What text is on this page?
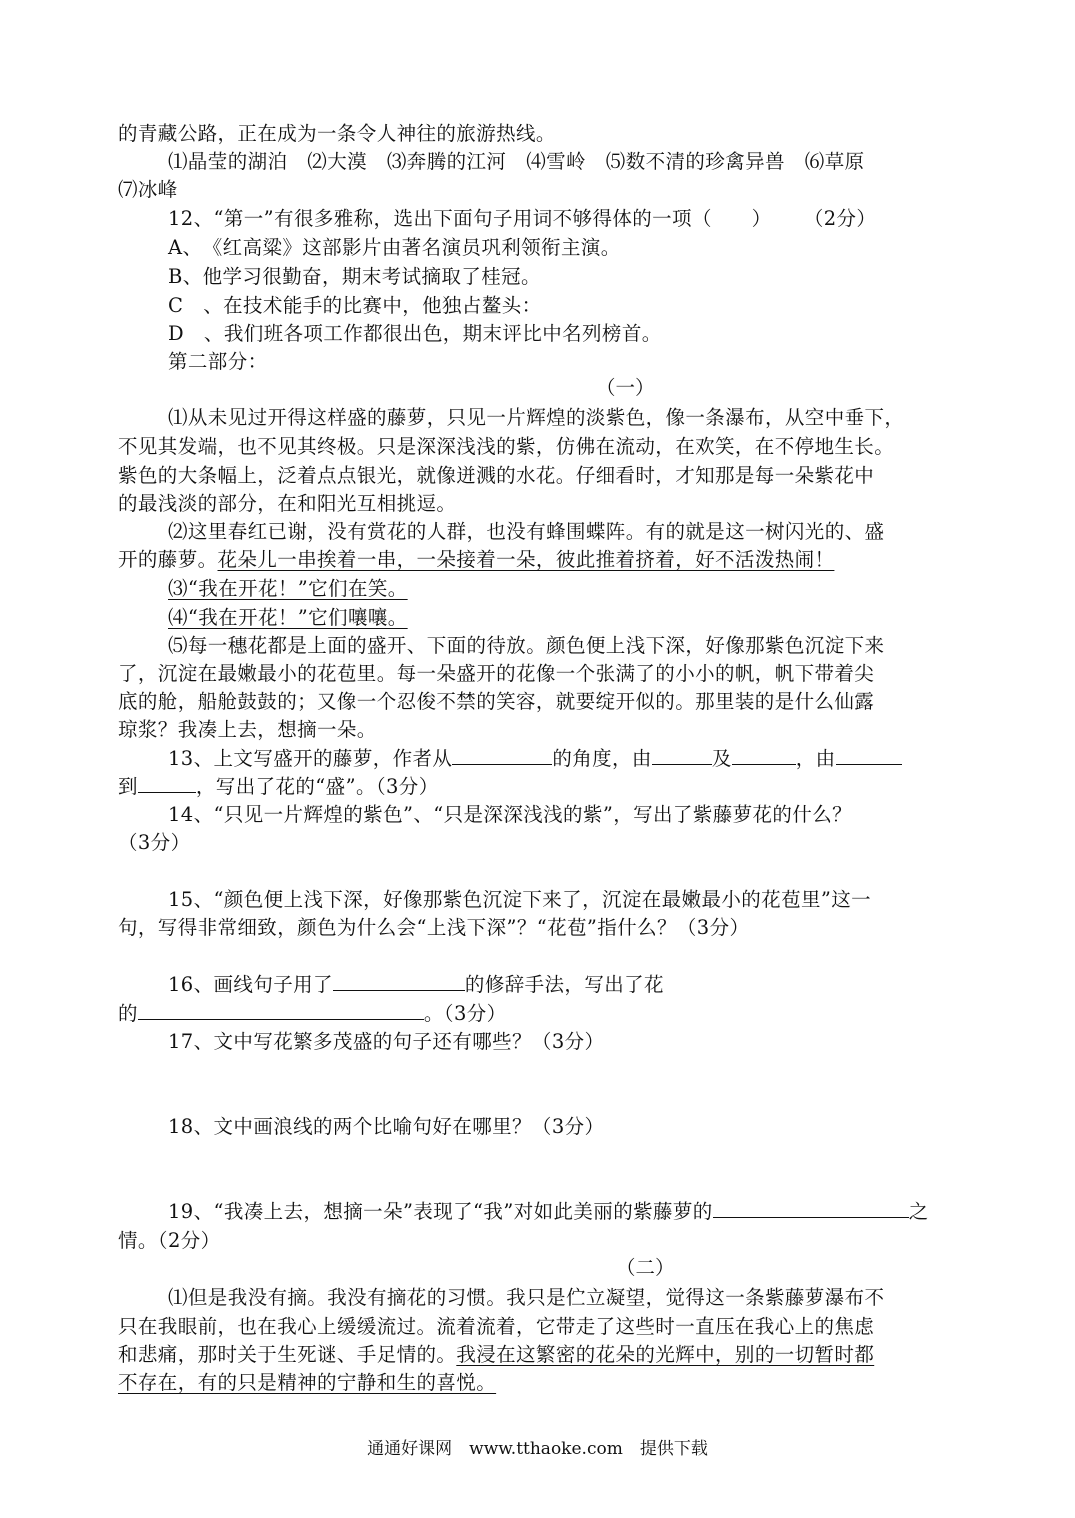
的青藏公路，正在成为一条令人神往的旅游热线。
⑴晶莹的湖泊　⑵大漠　⑶奔腾的江河　⑷雪岭　⑸数不清的珍禽异兽　⑹草原
⑺冰峰
12、“第一”有很多雅称，选出下面句子用词不够得体的一项（　　） （2分）
A、　《红高粱》这部影片由著名演员巩利领衔主演。
B、他学习很勤奋，期末考试摘取了桂冠。
C　、在技术能手的比赛中，他独占鳌头：
D　、我们班各项工作都很出色，期末评比中名列榜首。
第二部分：
（一）
⑴从未见过开得这样盛的藤萝，只见一片辉煌的淡紫色，像一条瀑布，从空中垂下，
不见其发端，也不见其终极。只是深深浅浅的紫，仿佛在流动，在欢笑，在不停地生长。
紫色的大条幅上，泛着点点银光，就像迸溅的水花。仔细看时，才知那是每一朵紫花中
的最浅淡的部分，在和阳光互相挑逗。
⑵这里春红已谢，没有赏花的人群，也没有蜂围蝶阵。有的就是这一树闪光的、盛
开的藤萝。花朵儿一串挨着一串，一朵接着一朵，彼此推着挤着，好不活泼热闹！
⑶“我在开花！”它们在笑。
⑷“我在开花！”它们嚷嚷。
⑸每一穗花都是上面的盛开、下面的待放。颜色便上浅下深，好像那紫色沉淀下来
了，沉淀在最嫩最小的花苞里。每一朵盛开的花像一个张满了的小小的帆，帆下带着尖
底的舱，船舱鼓鼓的；又像一个忍俊不禁的笑容，就要绽开似的。那里装的是什么仙露
琼浆？我凑上去，想摘一朵。
13、上文写盛开的藤萝，作者从	的角度，由	及	，由
到	，写出了花的“盛”。（3分）
14、“只见一片辉煌的紫色”、“只是深深浅浅的紫”，写出了紫藤萝花的什么？
（3分）
15、“颜色便上浅下深，好像那紫色沉淀下来了，沉淀在最嫩最小的花苞里”这一
句，写得非常细致，颜色为什么会“上浅下深”？“花苞”指什么？（3分）
16、画线句子用了	的修辞手法，写出了花
的	。（3分）
17、文中写花繁多茂盛的句子还有哪些？（3分）
18、文中画浪线的两个比喻句好在哪里？（3分）
19、“我凑上去，想摘一朵”表现了“我”对如此美丽的紫藤萝的	之
情。（2分）
（二）
⑴但是我没有摘。我没有摘花的习惯。我只是伫立凝望，觉得这一条紫藤萝瀑布不
只在我眼前，也在我心上缓缓流过。流着流着，它带走了这些时一直压在我心上的焦虑
和悲痛，那时关于生死谜、手足情的。我浸在这繁密的花朵的光辉中，别的一切暂时都
不存在，有的只是精神的宁静和生的喜悦。
通通好课网　www.tthaoke.com　提供下载
